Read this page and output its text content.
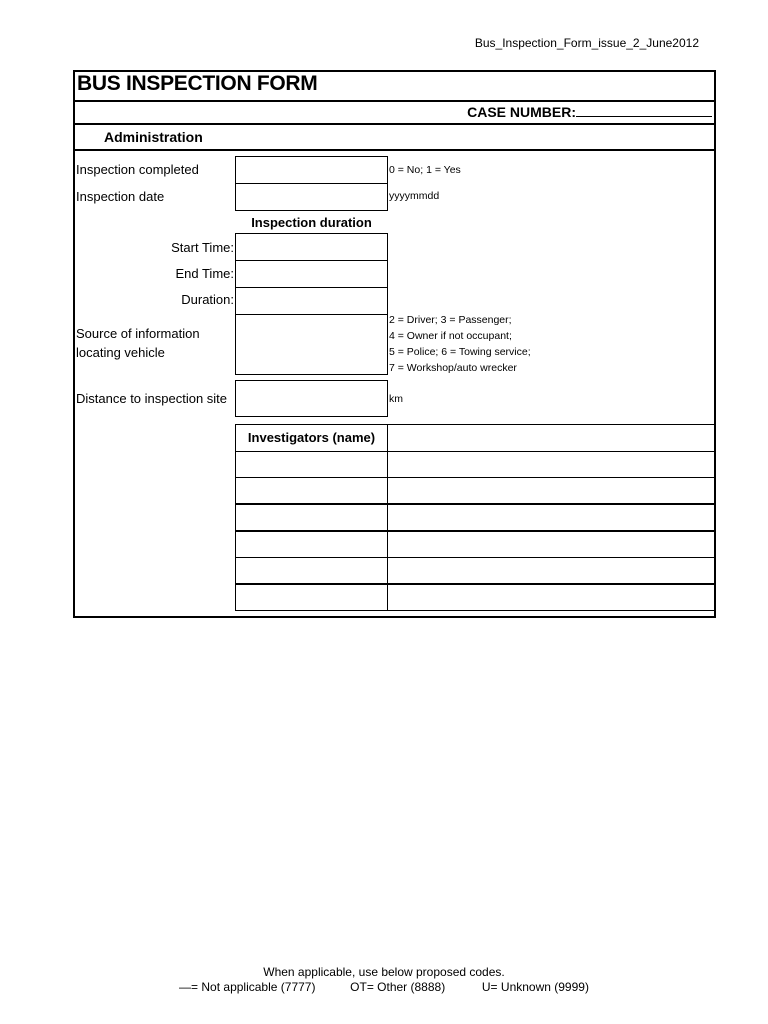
Bus_Inspection_Form_issue_2_June2012
BUS INSPECTION FORM
CASE NUMBER:
Administration
Inspection completed	0 = No; 1 = Yes
Inspection date	yyyymmdd
Inspection duration
Start Time:
End Time:
Duration:
Source of information
locating vehicle
2 = Driver; 3 = Passenger;
4 = Owner if not occupant;
5 = Police; 6 = Towing service;
7 = Workshop/auto wrecker
Distance to inspection site	km
Investigators (name)
When applicable, use below proposed codes.
—= Not applicable (7777)	OT= Other (8888)	U= Unknown (9999)
